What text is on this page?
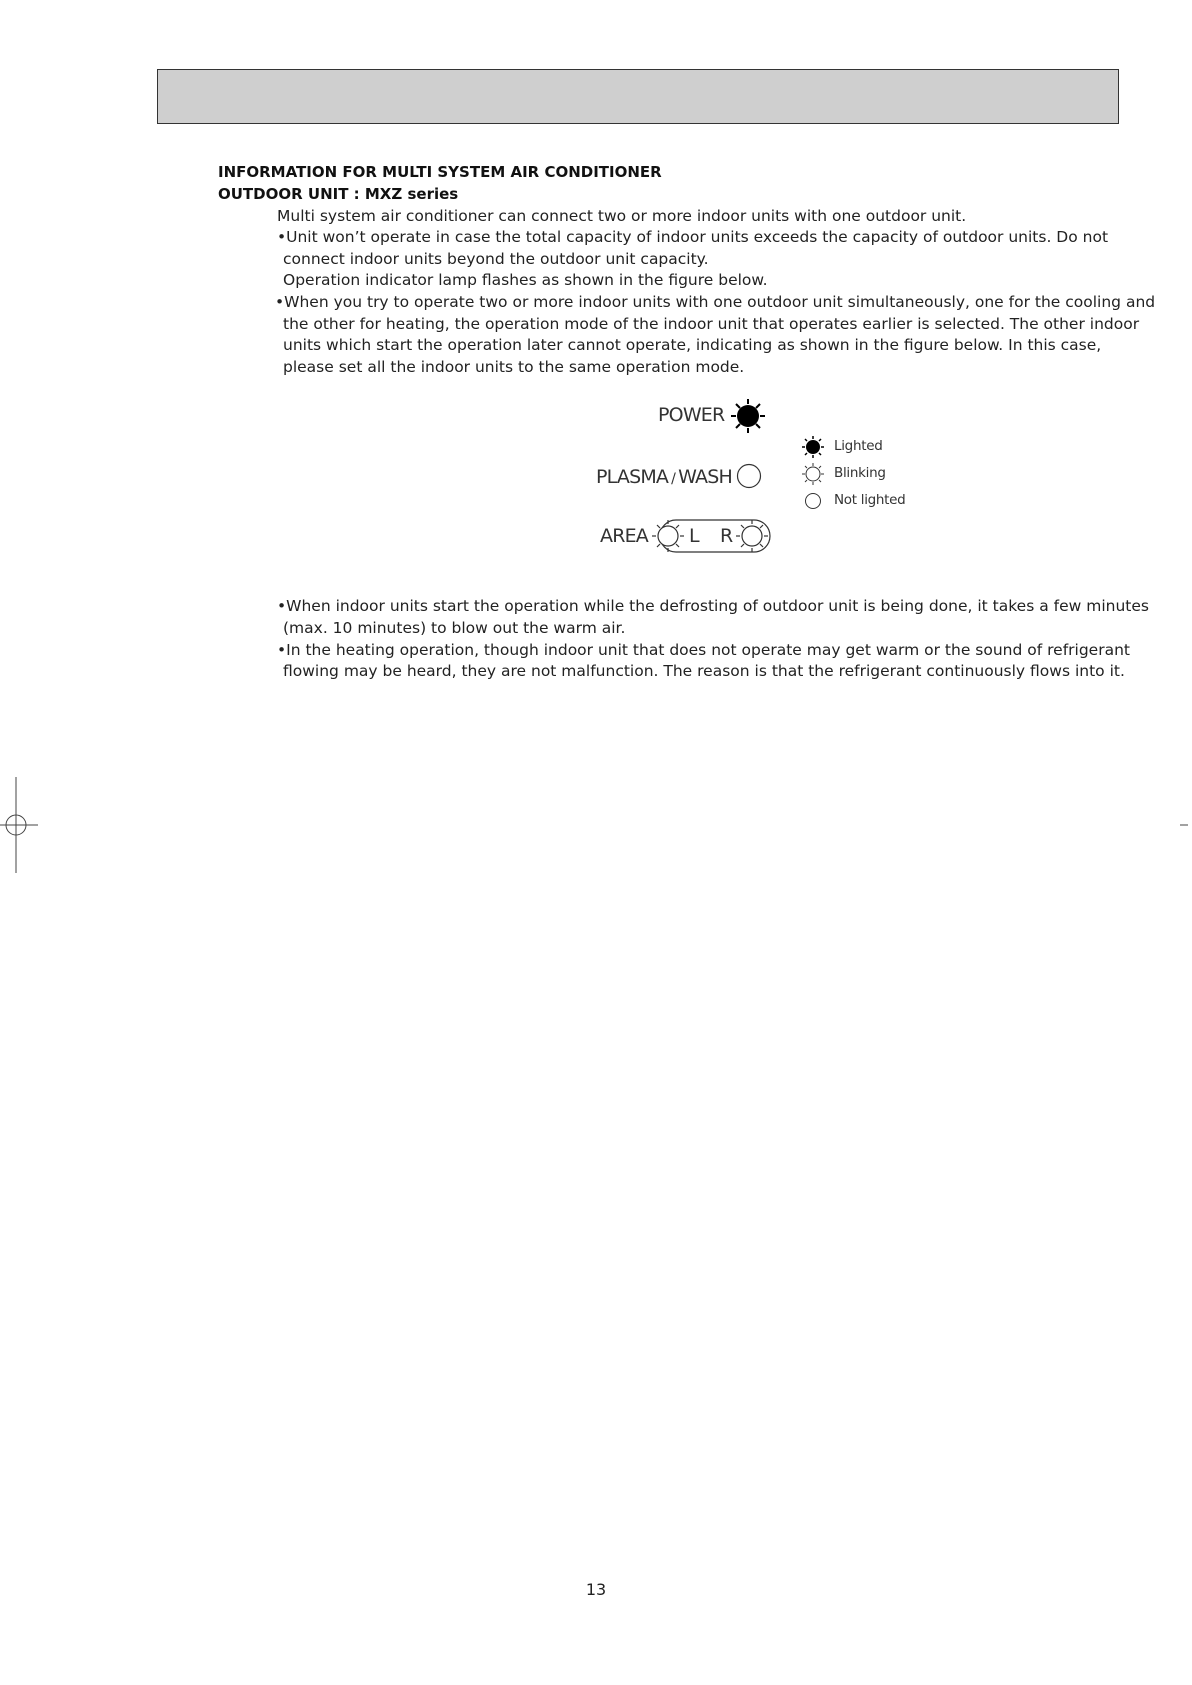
INFORMATION FOR MULTI SYSTEM AIR CONDITIONER
OUTDOOR UNIT : MXZ series
Multi system air conditioner can connect two or more indoor units with one outdoor unit.
•Unit won’t operate in case the total capacity of indoor units exceeds the capacity of outdoor units. Do not
connect indoor units beyond the outdoor unit capacity.
Operation indicator lamp flashes as shown in the figure below.
•When you try to operate two or more indoor units with one outdoor unit simultaneously, one for the cooling and
the other for heating, the operation mode of the indoor unit that operates earlier is selected. The other indoor
units which start the operation later cannot operate, indicating as shown in the figure below. In this case,
please set all the indoor units to the same operation mode.
POWER
PLASMA / WASH
AREA L R
Lighted
Blinking
Not lighted
•When indoor units start the operation while the defrosting of outdoor unit is being done, it takes a few minutes
(max. 10 minutes) to blow out the warm air.
•In the heating operation, though indoor unit that does not operate may get warm or the sound of refrigerant
flowing may be heard, they are not malfunction. The reason is that the refrigerant continuously flows into it.
13
